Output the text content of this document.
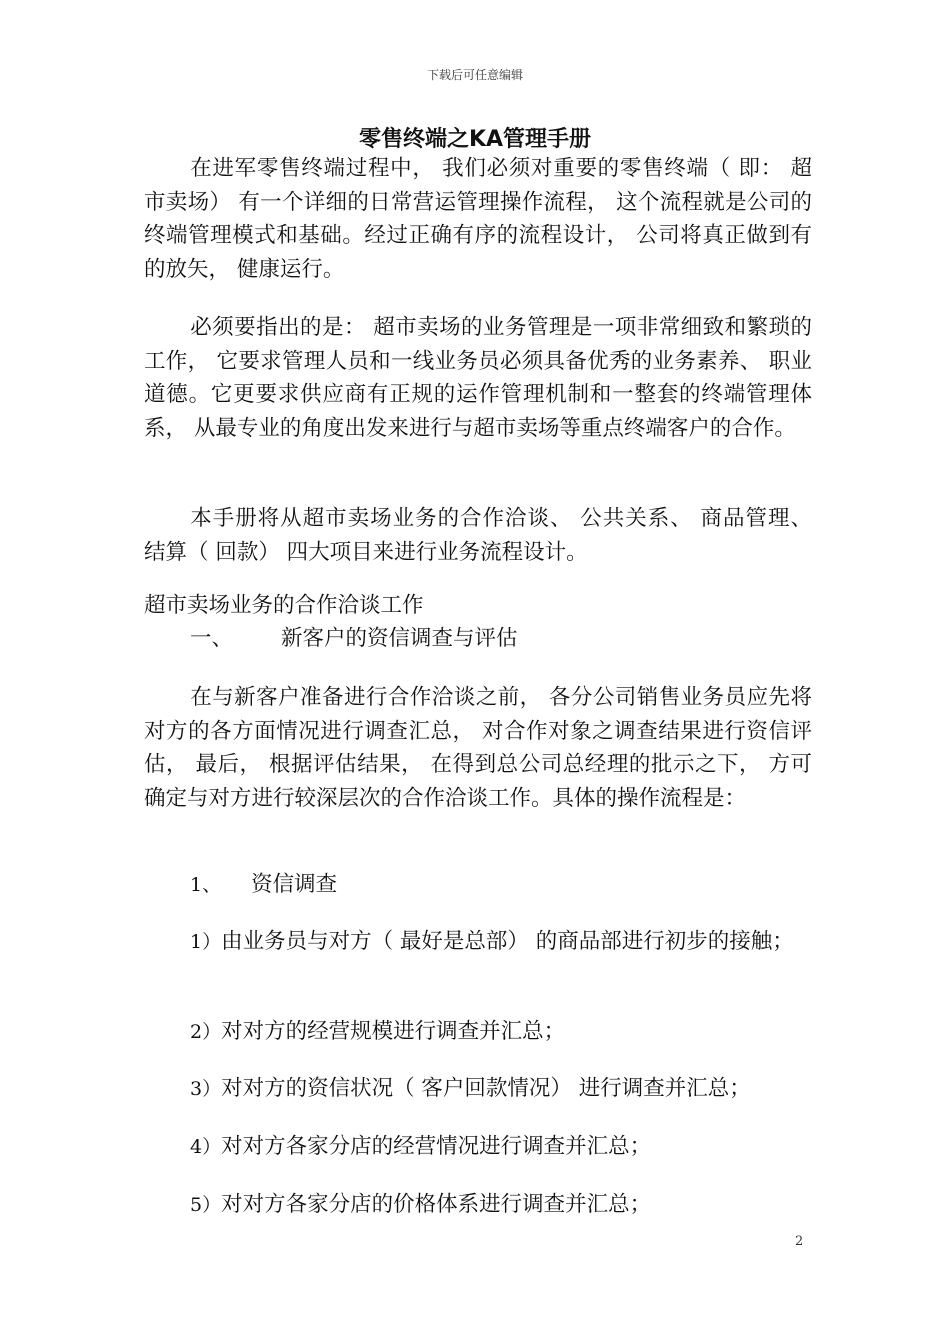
下载后可任意编辑
零售终端之KA管理手册

在进军零售终端过程中， 我们必须对重要的零售终端（ 即： 超市卖场） 有一个详细的日常营运管理操作流程， 这个流程就是公司的终端管理模式和基础。经过正确有序的流程设计， 公司将真正做到有的放矢， 健康运行。

必须要指出的是： 超市卖场的业务管理是一项非常细致和繁琐的工作， 它要求管理人员和一线业务员必须具备优秀的业务素养、 职业道德。它更要求供应商有正规的运作管理机制和一整套的终端管理体系， 从最专业的角度出发来进行与超市卖场等重点终端客户的合作。

本手册将从超市卖场业务的合作洽谈、 公共关系、 商品管理、 结算（ 回款） 四大项目来进行业务流程设计。

超市卖场业务的合作洽谈工作

一、 新客户的资信调查与评估

在与新客户准备进行合作洽谈之前， 各分公司销售业务员应先将对方的各方面情况进行调查汇总， 对合作对象之调查结果进行资信评估， 最后， 根据评估结果， 在得到总公司总经理的批示之下， 方可确定与对方进行较深层次的合作洽谈工作。具体的操作流程是：

1、 资信调查

1）由业务员与对方（ 最好是总部） 的商品部进行初步的接触；

2）对对方的经营规模进行调查并汇总；

3）对对方的资信状况（ 客户回款情况） 进行调查并汇总；

4）对对方各家分店的经营情况进行调查并汇总；

5）对对方各家分店的价格体系进行调查并汇总；

2
